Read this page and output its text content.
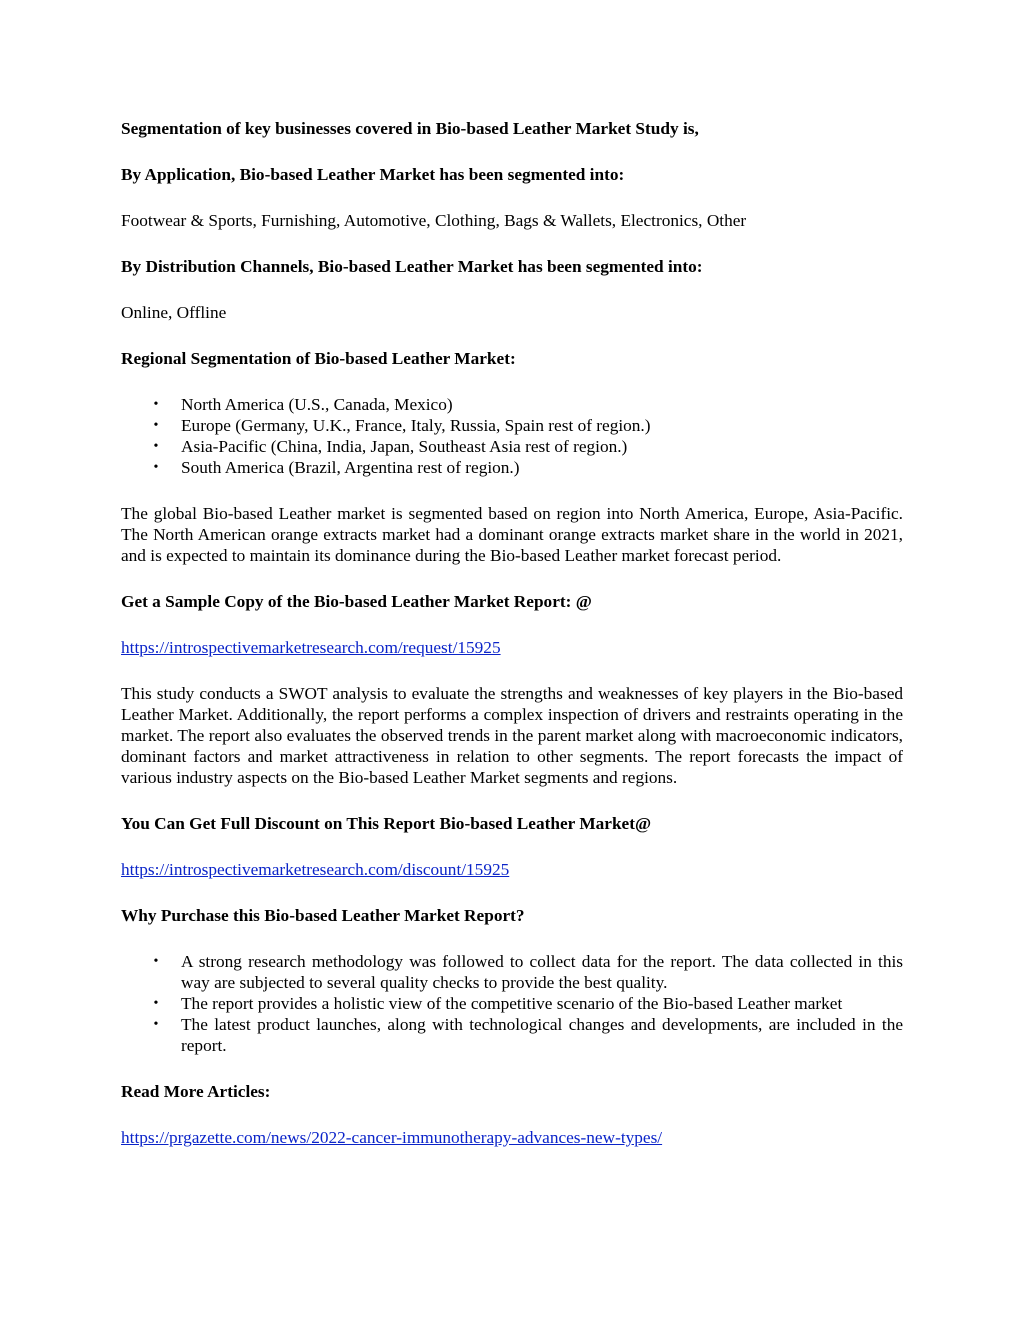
Segmentation of key businesses covered in Bio-based Leather Market Study is,

By Application, Bio-based Leather Market has been segmented into:

Footwear & Sports, Furnishing, Automotive, Clothing, Bags & Wallets, Electronics, Other

By Distribution Channels, Bio-based Leather Market has been segmented into:

Online, Offline

Regional Segmentation of Bio-based Leather Market:

• North America (U.S., Canada, Mexico)
• Europe (Germany, U.K., France, Italy, Russia, Spain rest of region.)
• Asia-Pacific (China, India, Japan, Southeast Asia rest of region.)
• South America (Brazil, Argentina rest of region.)

The global Bio-based Leather market is segmented based on region into North America, Europe, Asia-Pacific. The North American orange extracts market had a dominant orange extracts market share in the world in 2021, and is expected to maintain its dominance during the Bio-based Leather market forecast period.

Get a Sample Copy of the Bio-based Leather Market Report: @

https://introspectivemarketresearch.com/request/15925

This study conducts a SWOT analysis to evaluate the strengths and weaknesses of key players in the Bio-based Leather Market. Additionally, the report performs a complex inspection of drivers and restraints operating in the market. The report also evaluates the observed trends in the parent market along with macroeconomic indicators, dominant factors and market attractiveness in relation to other segments. The report forecasts the impact of various industry aspects on the Bio-based Leather Market segments and regions.

You Can Get Full Discount on This Report Bio-based Leather Market@

https://introspectivemarketresearch.com/discount/15925

Why Purchase this Bio-based Leather Market Report?

• A strong research methodology was followed to collect data for the report. The data collected in this way are subjected to several quality checks to provide the best quality.
• The report provides a holistic view of the competitive scenario of the Bio-based Leather market
• The latest product launches, along with technological changes and developments, are included in the report.

Read More Articles:

https://prgazette.com/news/2022-cancer-immunotherapy-advances-new-types/
